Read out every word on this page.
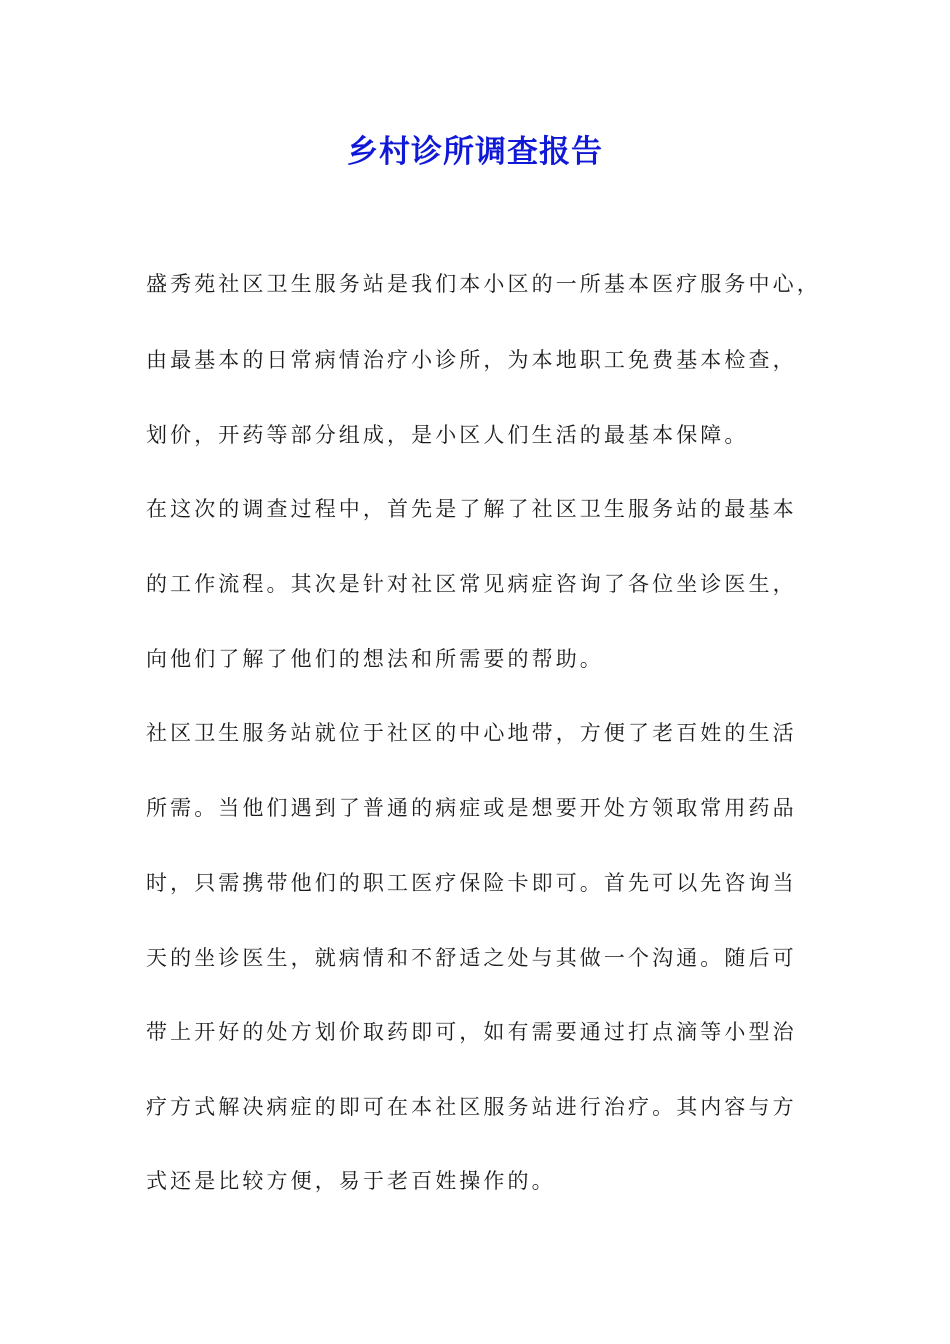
乡村诊所调查报告

盛秀苑社区卫生服务站是我们本小区的一所基本医疗服务中心，

由最基本的日常病情治疗小诊所，为本地职工免费基本检查，

划价，开药等部分组成，是小区人们生活的最基本保障。

在这次的调查过程中，首先是了解了社区卫生服务站的最基本

的工作流程。其次是针对社区常见病症咨询了各位坐诊医生，

向他们了解了他们的想法和所需要的帮助。

社区卫生服务站就位于社区的中心地带，方便了老百姓的生活

所需。当他们遇到了普通的病症或是想要开处方领取常用药品

时，只需携带他们的职工医疗保险卡即可。首先可以先咨询当

天的坐诊医生，就病情和不舒适之处与其做一个沟通。随后可

带上开好的处方划价取药即可，如有需要通过打点滴等小型治

疗方式解决病症的即可在本社区服务站进行治疗。其内容与方

式还是比较方便，易于老百姓操作的。
